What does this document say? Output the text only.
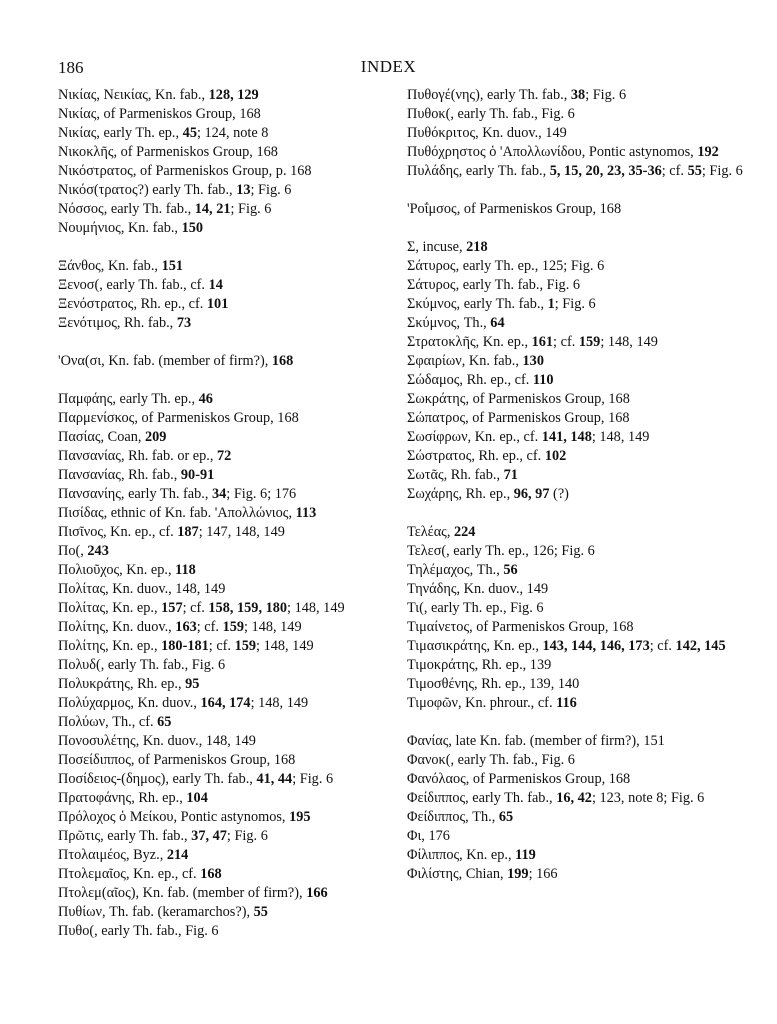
186	INDEX
Νικίας, Νεικίας, Kn. fab., 128, 129
Νικίας, of Parmeniskos Group, 168
Νικίας, early Th. ep., 45; 124, note 8
Νικοκλῆς, of Parmeniskos Group, 168
Νικόστρατος, of Parmeniskos Group, p. 168
Νικόσ(τρατος?) early Th. fab., 13; Fig. 6
Νόσσος, early Th. fab., 14, 21; Fig. 6
Νουμήνιος, Kn. fab., 150
Ξάνθος, Kn. fab., 151
Ξενοσ(, early Th. fab., cf. 14
Ξενόστρατος, Rh. ep., cf. 101
Ξενότιμος, Rh. fab., 73
'Ονα(σι, Kn. fab. (member of firm?), 168
Παμφάης, early Th. ep., 46
Παρμενίσκος, of Parmeniskos Group, 168
Πασίας, Coan, 209
Πανσανίας, Rh. fab. or ep., 72
Πανσανίας, Rh. fab., 90-91
Πανσανίης, early Th. fab., 34; Fig. 6; 176
Πισίδας, ethnic of Kn. fab. 'Απολλώνιος, 113
Πισῖνος, Kn. ep., cf. 187; 147, 148, 149
Πο(, 243
Πολιοῦχος, Kn. ep., 118
Πολίτας, Kn. duov., 148, 149
Πολίτας, Kn. ep., 157; cf. 158, 159, 180; 148, 149
Πολίτης, Kn. duov., 163; cf. 159; 148, 149
Πολίτης, Kn. ep., 180-181; cf. 159; 148, 149
Πολυδ(, early Th. fab., Fig. 6
Πολυκράτης, Rh. ep., 95
Πολύχαρμος, Kn. duov., 164, 174; 148, 149
Πολύων, Th., cf. 65
Πονοσυλέτης, Kn. duov., 148, 149
Ποσείδιππος, of Parmeniskos Group, 168
Ποσίδειος-(δημος), early Th. fab., 41, 44; Fig. 6
Πρατοφάνης, Rh. ep., 104
Πρόλοχος ὁ Μείκου, Pontic astynomos, 195
Πρῶτις, early Th. fab., 37, 47; Fig. 6
Πτολαιμέος, Byz., 214
Πτολεμαῖος, Kn. ep., cf. 168
Πτολεμ(αῖος), Kn. fab. (member of firm?), 166
Πυθίων, Th. fab. (keramarchos?), 55
Πυθο(, early Th. fab., Fig. 6
Πυθογέ(νης), early Th. fab., 38; Fig. 6
Πυθοκ(, early Th. fab., Fig. 6
Πυθόκριτος, Kn. duov., 149
Πυθόχρηστος ὁ 'Απολλωνίδου, Pontic astynomos, 192
Πυλάδης, early Th. fab., 5, 15, 20, 23, 35-36; cf. 55; Fig. 6
'Ροΐμσος, of Parmeniskos Group, 168
Σ, incuse, 218
Σάτυρος, early Th. ep., 125; Fig. 6
Σάτυρος, early Th. fab., Fig. 6
Σκύμνος, early Th. fab., 1; Fig. 6
Σκύμνος, Th., 64
Στρατοκλῆς, Kn. ep., 161; cf. 159; 148, 149
Σφαιρίων, Kn. fab., 130
Σώδαμος, Rh. ep., cf. 110
Σωκράτης, of Parmeniskos Group, 168
Σώπατρος, of Parmeniskos Group, 168
Σωσίφρων, Kn. ep., cf. 141, 148; 148, 149
Σώστρατος, Rh. ep., cf. 102
Σωτᾶς, Rh. fab., 71
Σωχάρης, Rh. ep., 96, 97 (?)
Τελέας, 224
Τελεσ(, early Th. ep., 126; Fig. 6
Τηλέμαχος, Th., 56
Τηνάδης, Kn. duov., 149
Τι(, early Th. ep., Fig. 6
Τιμαίνετος, of Parmeniskos Group, 168
Τιμασικράτης, Kn. ep., 143, 144, 146, 173; cf. 142, 145
Τιμοκράτης, Rh. ep., 139
Τιμοσθένης, Rh. ep., 139, 140
Τιμοφῶν, Kn. phrour., cf. 116
Φανίας, late Kn. fab. (member of firm?), 151
Φανοκ(, early Th. fab., Fig. 6
Φανόλαος, of Parmeniskos Group, 168
Φείδιππος, early Th. fab., 16, 42; 123, note 8; Fig. 6
Φείδιππος, Th., 65
Φι, 176
Φίλιππος, Kn. ep., 119
Φιλίστης, Chian, 199; 166
